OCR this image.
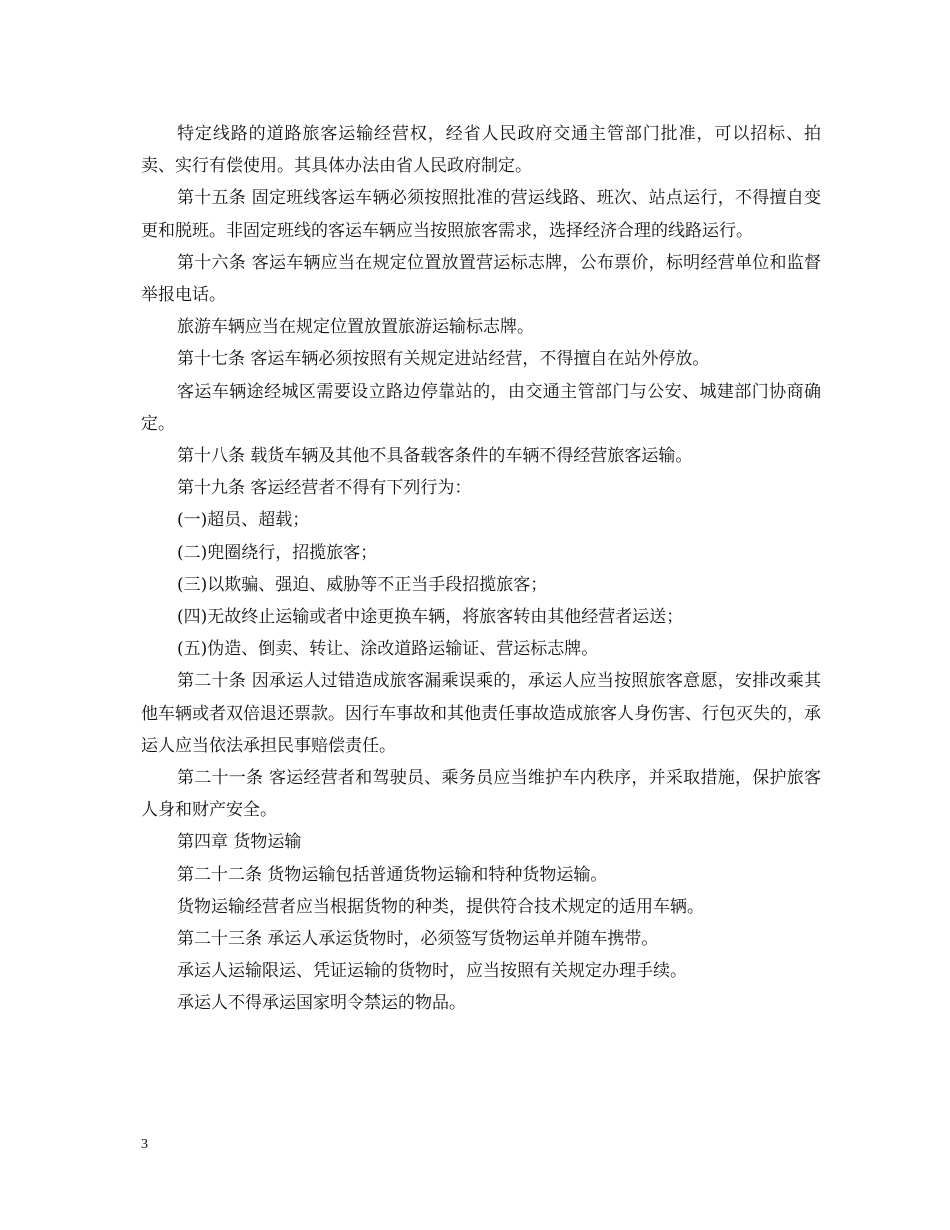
特定线路的道路旅客运输经营权，经省人民政府交通主管部门批准，可以招标、拍卖、实行有偿使用。其具体办法由省人民政府制定。

第十五条 固定班线客运车辆必须按照批准的营运线路、班次、站点运行，不得擅自变更和脱班。非固定班线的客运车辆应当按照旅客需求，选择经济合理的线路运行。

第十六条 客运车辆应当在规定位置放置营运标志牌，公布票价，标明经营单位和监督举报电话。

旅游车辆应当在规定位置放置旅游运输标志牌。

第十七条 客运车辆必须按照有关规定进站经营，不得擅自在站外停放。

客运车辆途经城区需要设立路边停靠站的，由交通主管部门与公安、城建部门协商确定。

第十八条 载货车辆及其他不具备载客条件的车辆不得经营旅客运输。

第十九条 客运经营者不得有下列行为：

(一)超员、超载；

(二)兜圈绕行，招揽旅客；

(三)以欺骗、强迫、威胁等不正当手段招揽旅客；

(四)无故终止运输或者中途更换车辆，将旅客转由其他经营者运送；

(五)伪造、倒卖、转让、涂改道路运输证、营运标志牌。

第二十条 因承运人过错造成旅客漏乘误乘的，承运人应当按照旅客意愿，安排改乘其他车辆或者双倍退还票款。因行车事故和其他责任事故造成旅客人身伤害、行包灭失的，承运人应当依法承担民事赔偿责任。

第二十一条 客运经营者和驾驶员、乘务员应当维护车内秩序，并采取措施，保护旅客人身和财产安全。

第四章 货物运输

第二十二条 货物运输包括普通货物运输和特种货物运输。

货物运输经营者应当根据货物的种类，提供符合技术规定的适用车辆。

第二十三条 承运人承运货物时，必须签写货物运单并随车携带。

承运人运输限运、凭证运输的货物时，应当按照有关规定办理手续。

承运人不得承运国家明令禁运的物品。

3
